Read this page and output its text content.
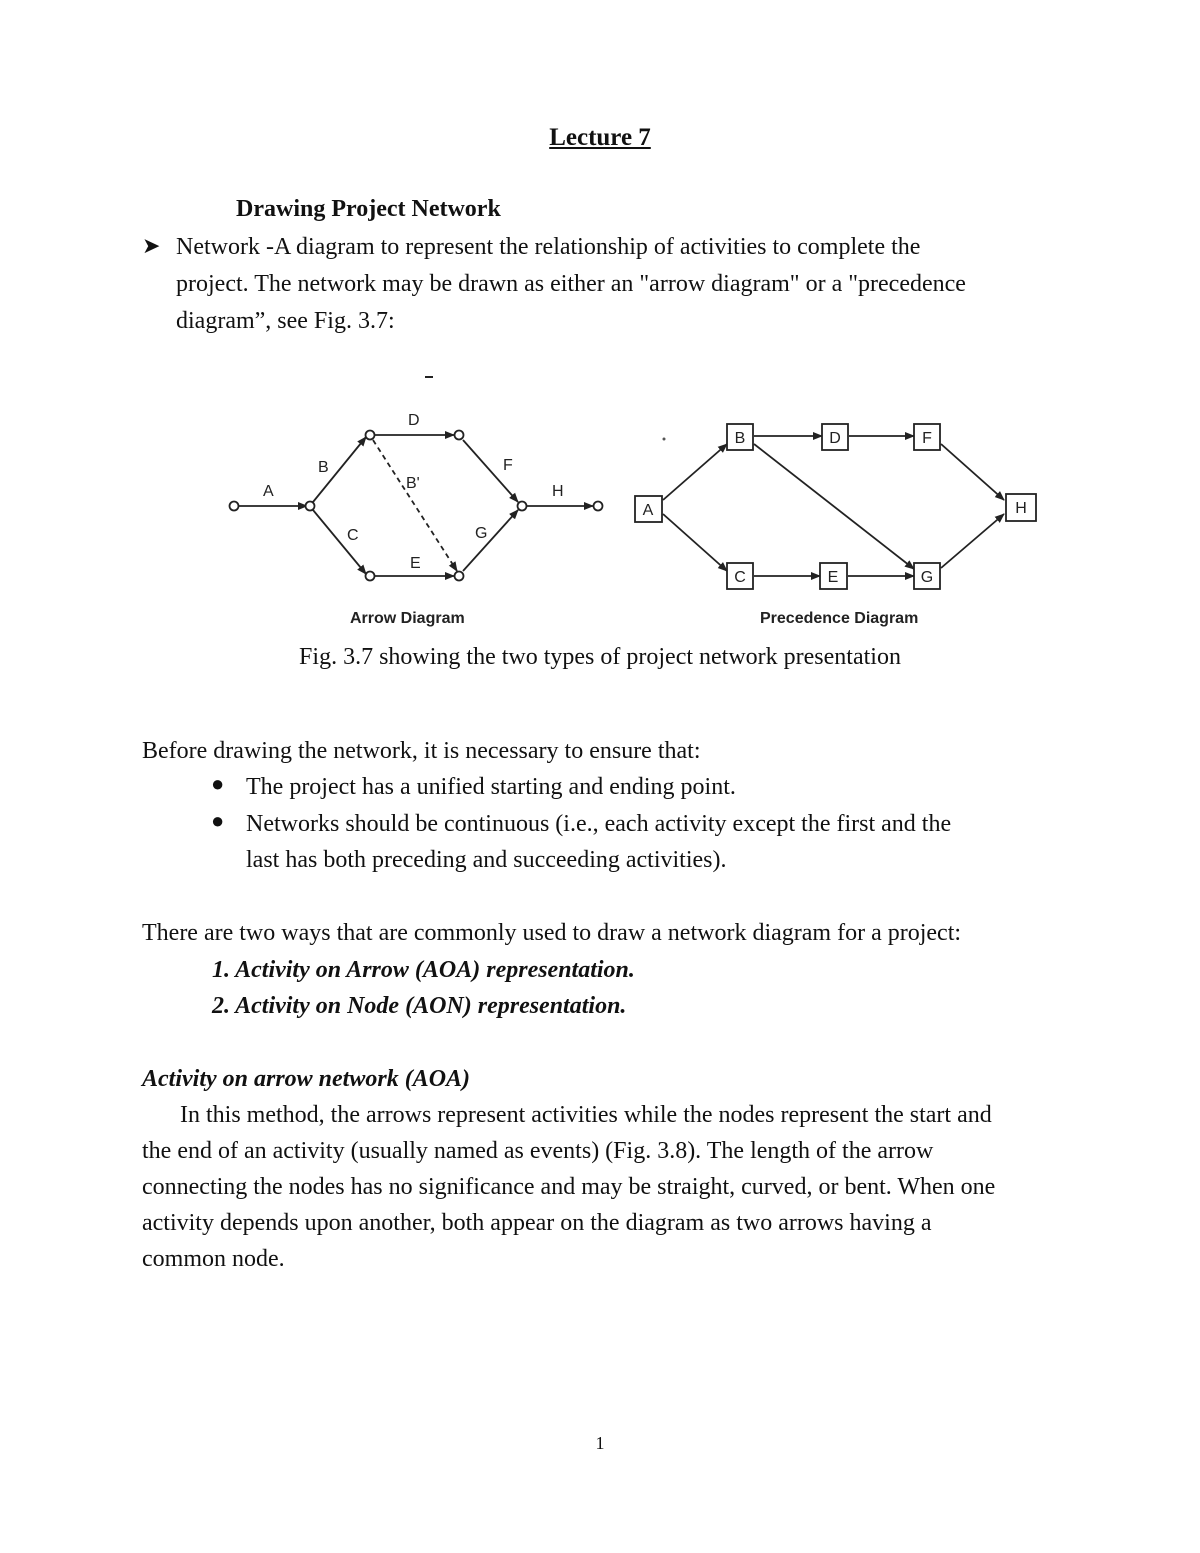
Lecture 7
Drawing Project Network
➤ Network -A diagram to represent the relationship of activities to complete the
project. The network may be drawn as either an "arrow diagram" or a "precedence
diagram”, see Fig. 3.7:
A
B
C
D
B'
E
F
G
H
Arrow Diagram
A
B
C
D
E
F
G
H
Precedence Diagram
Fig. 3.7 showing the two types of project network presentation
Before drawing the network, it is necessary to ensure that:
● The project has a unified starting and ending point.
● Networks should be continuous (i.e., each activity except the first and the
last has both preceding and succeeding activities).
There are two ways that are commonly used to draw a network diagram for a project:
1. Activity on Arrow (AOA) representation.
2. Activity on Node (AON) representation.
Activity on arrow network (AOA)
In this method, the arrows represent activities while the nodes represent the start and
the end of an activity (usually named as events) (Fig. 3.8). The length of the arrow
connecting the nodes has no significance and may be straight, curved, or bent. When one
activity depends upon another, both appear on the diagram as two arrows having a
common node.
1
